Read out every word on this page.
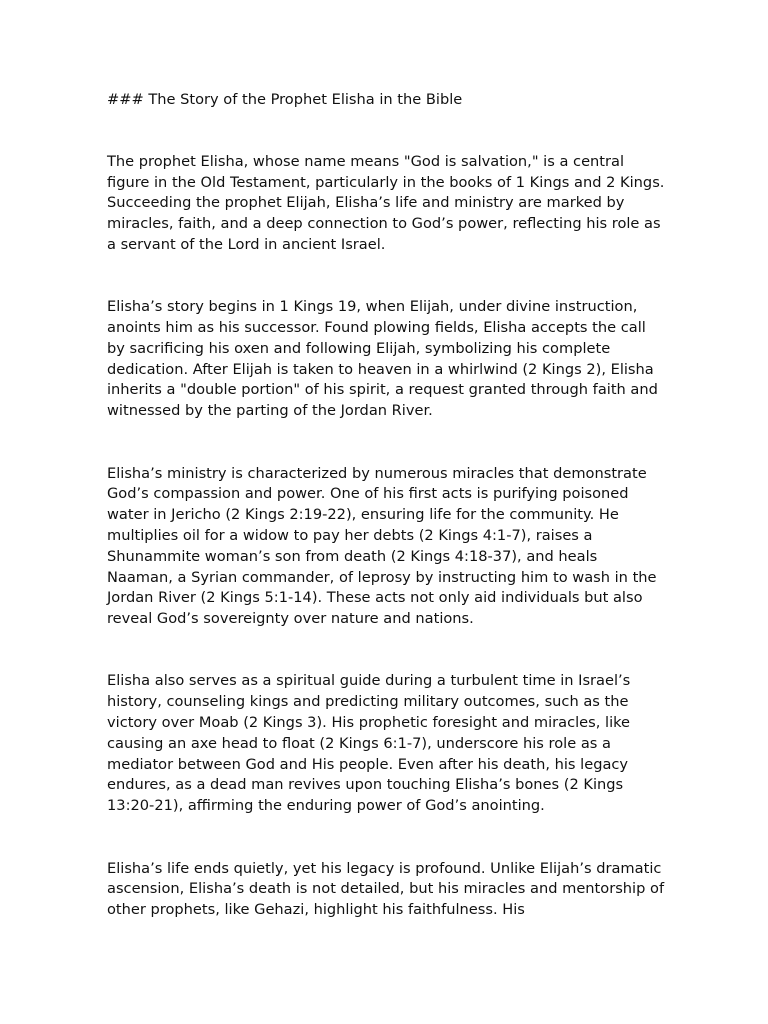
### The Story of the Prophet Elisha in the Bible

The prophet Elisha, whose name means "God is salvation," is a central figure in the Old Testament, particularly in the books of 1 Kings and 2 Kings. Succeeding the prophet Elijah, Elisha’s life and ministry are marked by miracles, faith, and a deep connection to God’s power, reflecting his role as a servant of the Lord in ancient Israel.

Elisha’s story begins in 1 Kings 19, when Elijah, under divine instruction, anoints him as his successor. Found plowing fields, Elisha accepts the call by sacrificing his oxen and following Elijah, symbolizing his complete dedication. After Elijah is taken to heaven in a whirlwind (2 Kings 2), Elisha inherits a "double portion" of his spirit, a request granted through faith and witnessed by the parting of the Jordan River.

Elisha’s ministry is characterized by numerous miracles that demonstrate God’s compassion and power. One of his first acts is purifying poisoned water in Jericho (2 Kings 2:19-22), ensuring life for the community. He multiplies oil for a widow to pay her debts (2 Kings 4:1-7), raises a Shunammite woman’s son from death (2 Kings 4:18-37), and heals Naaman, a Syrian commander, of leprosy by instructing him to wash in the Jordan River (2 Kings 5:1-14). These acts not only aid individuals but also reveal God’s sovereignty over nature and nations.

Elisha also serves as a spiritual guide during a turbulent time in Israel’s history, counseling kings and predicting military outcomes, such as the victory over Moab (2 Kings 3). His prophetic foresight and miracles, like causing an axe head to float (2 Kings 6:1-7), underscore his role as a mediator between God and His people. Even after his death, his legacy endures, as a dead man revives upon touching Elisha’s bones (2 Kings 13:20-21), affirming the enduring power of God’s anointing.

Elisha’s life ends quietly, yet his legacy is profound. Unlike Elijah’s dramatic ascension, Elisha’s death is not detailed, but his miracles and mentorship of other prophets, like Gehazi, highlight his faithfulness. His
